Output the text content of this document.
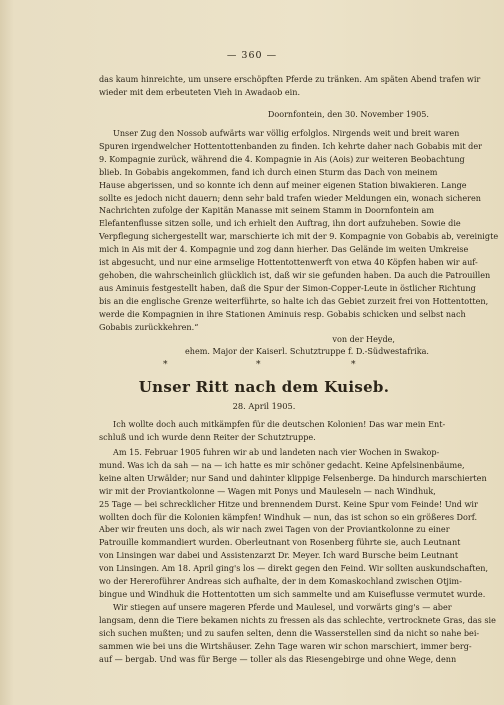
— 360 —
das kaum hinreichte, um unsere erschöpften Pferde zu tränken. Am späten Abend trafen wir
wieder mit dem erbeuteten Vieh in Awadaob ein.
Doornfontein, den 30. November 1905.
Unser Zug den Nossob aufwärts war völlig erfolglos. Nirgends weit und breit waren
Spuren irgendwelcher Hottentottenbanden zu finden. Ich kehrte daher nach Gobabis mit der
9. Kompagnie zurück, während die 4. Kompagnie in Ais (Aois) zur weiteren Beobachtung
blieb. In Gobabis angekommen, fand ich durch einen Sturm das Dach von meinem
Hause abgerissen, und so konnte ich denn auf meiner eigenen Station biwakieren. Lange
sollte es jedoch nicht dauern; denn sehr bald trafen wieder Meldungen ein, wonach sicheren
Nachrichten zufolge der Kapitän Manasse mit seinem Stamm in Doornfontein am
Elefantenflusse sitzen solle, und ich erhielt den Auftrag, ihn dort aufzuheben. Sowie die
Verpflegung sichergestellt war, marschierte ich mit der 9. Kompagnie von Gobabis ab, vereinigte
mich in Ais mit der 4. Kompagnie und zog dann hierher. Das Gelände im weiten Umkreise
ist abgesucht, und nur eine armselige Hottentottenwerft von etwa 40 Köpfen haben wir auf-
gehoben, die wahrscheinlich glücklich ist, daß wir sie gefunden haben. Da auch die Patrouillen
aus Aminuis festgestellt haben, daß die Spur der Simon-Copper-Leute in östlicher Richtung
bis an die englische Grenze weiterführte, so halte ich das Gebiet zurzeit frei von Hottentotten,
werde die Kompagnien in ihre Stationen Aminuis resp. Gobabis schicken und selbst nach
Gobabis zurückkehren.“
von der Heyde,
ehem. Major der Kaiserl. Schutztruppe f. D.-Südwestafrika.
*	*	*
Unser Ritt nach dem Kuiseb.
28. April 1905.
Ich wollte doch auch mitkämpfen für die deutschen Kolonien! Das war mein Ent-
schluß und ich wurde denn Reiter der Schutztruppe.
Am 15. Februar 1905 fuhren wir ab und landeten nach vier Wochen in Swakop-
mund. Was ich da sah — na — ich hatte es mir schöner gedacht. Keine Apfelsinenbäume,
keine alten Urwälder; nur Sand und dahinter klippige Felsenberge. Da hindurch marschierten
wir mit der Proviantkolonne — Wagen mit Ponys und Mauleseln — nach Windhuk,
25 Tage — bei schrecklicher Hitze und brennendem Durst. Keine Spur vom Feinde! Und wir
wollten doch für die Kolonien kämpfen! Windhuk — nun, das ist schon so ein größeres Dorf.
Aber wir freuten uns doch, als wir nach zwei Tagen von der Proviantkolonne zu einer
Patrouille kommandiert wurden. Oberleutnant von Rosenberg führte sie, auch Leutnant
von Linsingen war dabei und Assistenzarzt Dr. Meyer. Ich ward Bursche beim Leutnant
von Linsingen. Am 18. April ging's los — direkt gegen den Feind. Wir sollten auskundschaften,
wo der Hereroführer Andreas sich aufhalte, der in dem Komaskochland zwischen Otjim-
bingue und Windhuk die Hottentotten um sich sammelte und am Kuiseflusse vermutet wurde.
Wir stiegen auf unsere mageren Pferde und Maulesel, und vorwärts ging's — aber
langsam, denn die Tiere bekamen nichts zu fressen als das schlechte, vertrocknete Gras, das sie
sich suchen mußten; und zu saufen selten, denn die Wasserstellen sind da nicht so nahe bei-
sammen wie bei uns die Wirtshäuser. Zehn Tage waren wir schon marschiert, immer berg-
auf — bergab. Und was für Berge — toller als das Riesengebirge und ohne Wege, denn
